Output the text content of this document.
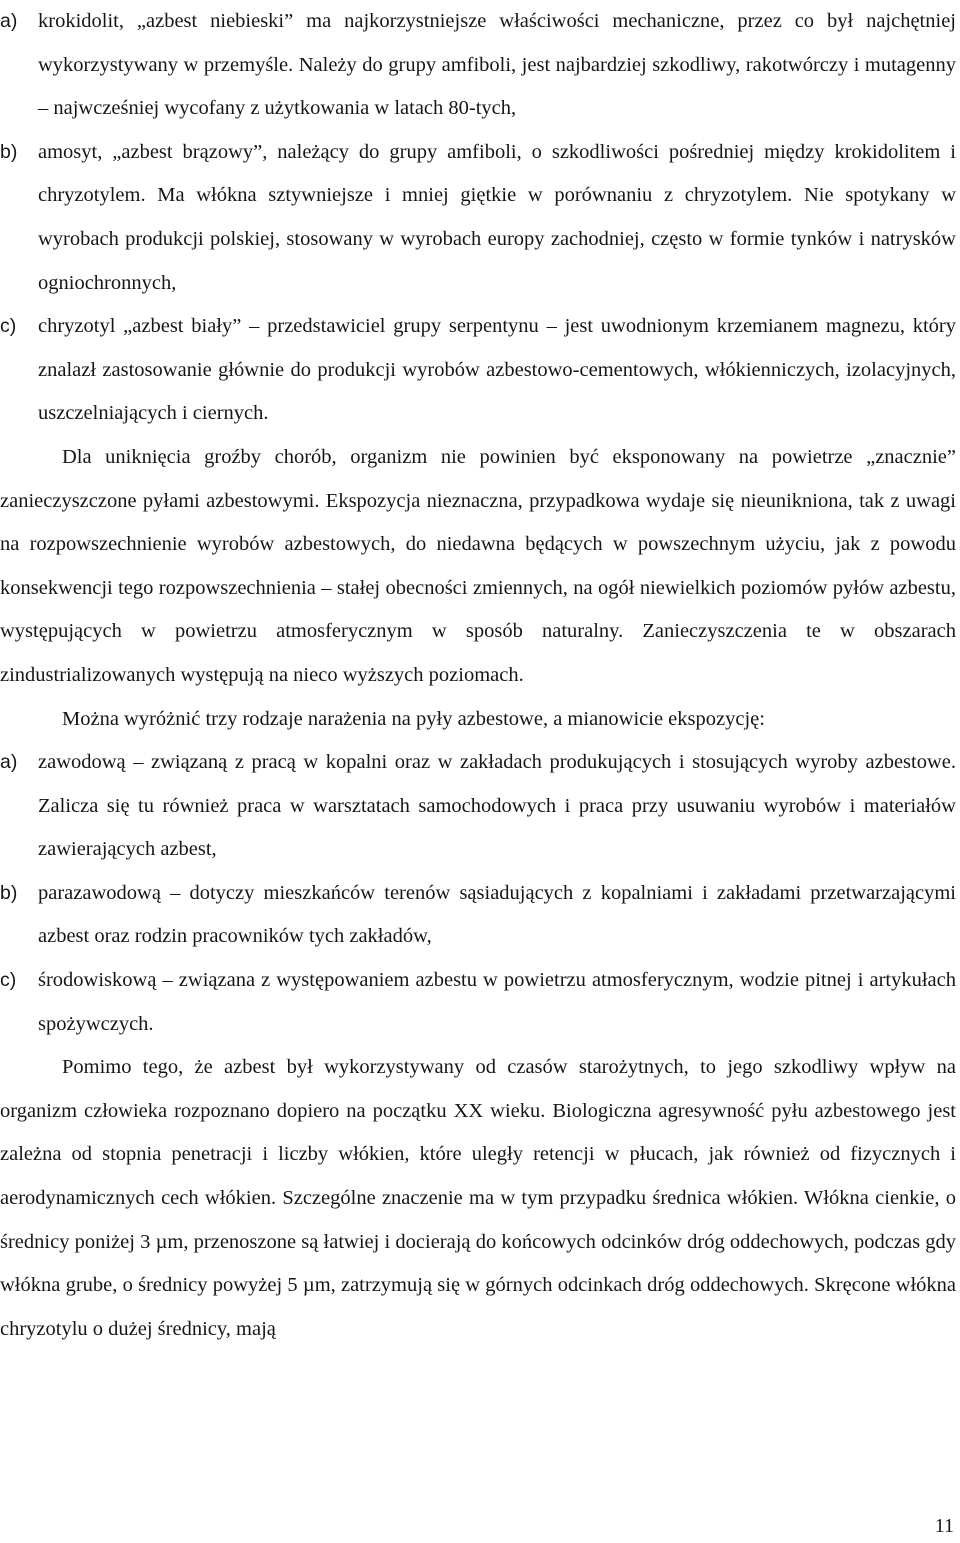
a) krokidolit, „azbest niebieski” ma najkorzystniejsze właściwości mechaniczne, przez co był najchętniej wykorzystywany w przemyśle. Należy do grupy amfiboli, jest najbardziej szkodliwy, rakotwórczy i mutagenny – najwcześniej wycofany z użytkowania w latach 80-tych,

b) amosyt, „azbest brązowy”, należący do grupy amfiboli, o szkodliwości pośredniej między krokidolitem i chryzotylem. Ma włókna sztywniejsze i mniej giętkie w porównaniu z chryzotylem. Nie spotykany w wyrobach produkcji polskiej, stosowany w wyrobach europy zachodniej, często w formie tynków i natrysków ogniochronnych,

c) chryzotyl „azbest biały” – przedstawiciel grupy serpentynu – jest uwodnionym krzemianem magnezu, który znalazł zastosowanie głównie do produkcji wyrobów azbestowo-cementowych, włókienniczych, izolacyjnych, uszczelniających i ciernych.

Dla uniknięcia groźby chorób, organizm nie powinien być eksponowany na powietrze „znacznie” zanieczyszczone pyłami azbestowymi. Ekspozycja nieznaczna, przypadkowa wydaje się nieunikniona, tak z uwagi na rozpowszechnienie wyrobów azbestowych, do niedawna będących w powszechnym użyciu, jak z powodu konsekwencji tego rozpowszechnienia – stałej obecności zmiennych, na ogół niewielkich poziomów pyłów azbestu, występujących w powietrzu atmosferycznym w sposób naturalny. Zanieczyszczenia te w obszarach zindustrializowanych występują na nieco wyższych poziomach.

Można wyróżnić trzy rodzaje narażenia na pyły azbestowe, a mianowicie ekspozycję:

a) zawodową – związaną z pracą w kopalni oraz w zakładach produkujących i stosujących wyroby azbestowe. Zalicza się tu również praca w warsztatach samochodowych i praca przy usuwaniu wyrobów i materiałów zawierających azbest,

b) parazawodową – dotyczy mieszkańców terenów sąsiadujących z kopalniami i zakładami przetwarzającymi azbest oraz rodzin pracowników tych zakładów,

c) środowiskową – związana z występowaniem azbestu w powietrzu atmosferycznym, wodzie pitnej i artykułach spożywczych.

Pomimo tego, że azbest był wykorzystywany od czasów starożytnych, to jego szkodliwy wpływ na organizm człowieka rozpoznano dopiero na początku XX wieku. Biologiczna agresywność pyłu azbestowego jest zależna od stopnia penetracji i liczby włókien, które uległy retencji w płucach, jak również od fizycznych i aerodynamicznych cech włókien. Szczególne znaczenie ma w tym przypadku średnica włókien. Włókna cienkie, o średnicy poniżej 3 µm, przenoszone są łatwiej i docierają do końcowych odcinków dróg oddechowych, podczas gdy włókna grube, o średnicy powyżej 5 µm, zatrzymują się w górnych odcinkach dróg oddechowych. Skręcone włókna chryzotylu o dużej średnicy, mają

11
